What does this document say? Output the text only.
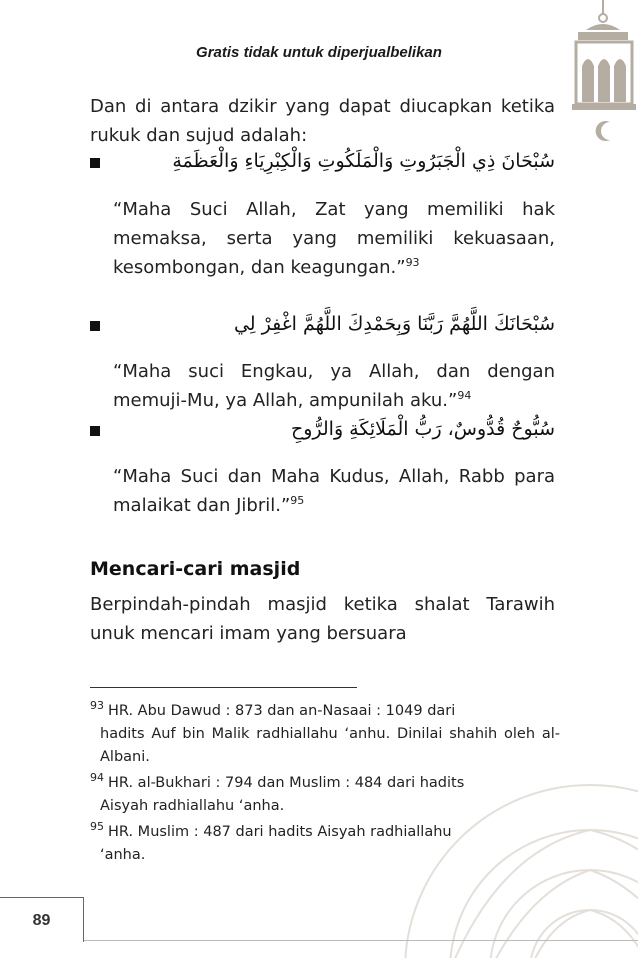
Gratis tidak untuk diperjualbelikan
Dan di antara dzikir yang dapat diucapkan ketika rukuk dan sujud adalah:
سُبْحَانَ ذِي الْجَبَرُوتِ وَالْمَلَكُوتِ وَالْكِبْرِيَاءِ وَالْعَظَمَةِ
“Maha Suci Allah, Zat yang memiliki hak memaksa, serta yang memiliki kekuasaan, kesombongan, dan keagungan.”$^{93}$
سُبْحَانَكَ اللَّهُمَّ رَبَّنَا وَبِحَمْدِكَ اللَّهُمَّ اغْفِرْ لِي
“Maha suci Engkau, ya Allah, dan dengan memuji-Mu, ya Allah, ampunilah aku.”$^{94}$
سُبُّوحٌ قُدُّوسٌ، رَبُّ الْمَلَائِكَةِ وَالرُّوحِ
“Maha Suci dan Maha Kudus, Allah, Rabb para malaikat dan Jibril.”$^{95}$
Mencari-cari masjid
Berpindah-pindah masjid ketika shalat Tarawih unuk mencari imam yang bersuara
$^{93}$ HR. Abu Dawud : 873 dan an-Nasaai : 1049 dari
hadits Auf bin Malik radhiallahu ‘anhu. Dinilai shahih oleh al-Albani.
$^{94}$ HR. al-Bukhari : 794 dan Muslim : 484 dari hadits
Aisyah radhiallahu ‘anha.
$^{95}$ HR. Muslim : 487 dari hadits Aisyah radhiallahu
‘anha.
89
